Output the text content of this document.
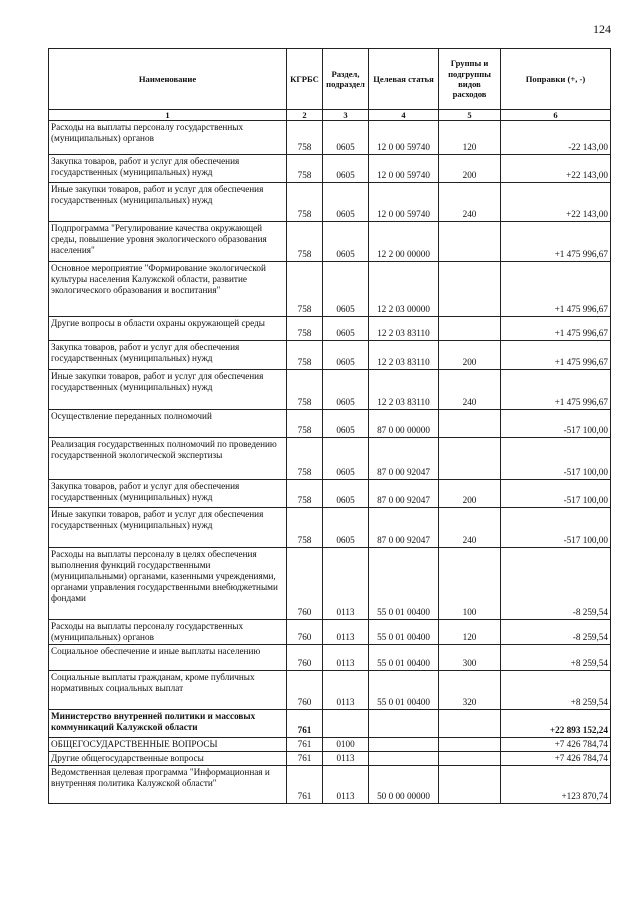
124
Наименование	КГРБС	Раздел, подраздел	Целевая статья	Группы и подгруппы видов расходов	Поправки (+, -)
1	2	3	4	5	6
Расходы на выплаты персоналу государственных (муниципальных) органов	758	0605	12 0 00 59740	120	-22 143,00
Закупка товаров, работ и услуг для обеспечения государственных (муниципальных) нужд	758	0605	12 0 00 59740	200	+22 143,00
Иные закупки товаров, работ и услуг для обеспечения государственных (муниципальных) нужд	758	0605	12 0 00 59740	240	+22 143,00
Подпрограмма "Регулирование качества окружающей среды, повышение уровня экологического образования населения"	758	0605	12 2 00 00000		+1 475 996,67
Основное мероприятие "Формирование экологической культуры населения Калужской области, развитие экологического образования и воспитания"	758	0605	12 2 03 00000		+1 475 996,67
Другие вопросы в области охраны окружающей среды	758	0605	12 2 03 83110		+1 475 996,67
Закупка товаров, работ и услуг для обеспечения государственных (муниципальных) нужд	758	0605	12 2 03 83110	200	+1 475 996,67
Иные закупки товаров, работ и услуг для обеспечения государственных (муниципальных) нужд	758	0605	12 2 03 83110	240	+1 475 996,67
Осуществление переданных полномочий	758	0605	87 0 00 00000		-517 100,00
Реализация государственных полномочий по проведению государственной экологической экспертизы	758	0605	87 0 00 92047		-517 100,00
Закупка товаров, работ и услуг для обеспечения государственных (муниципальных) нужд	758	0605	87 0 00 92047	200	-517 100,00
Иные закупки товаров, работ и услуг для обеспечения государственных (муниципальных) нужд	758	0605	87 0 00 92047	240	-517 100,00
Расходы на выплаты персоналу в целях обеспечения выполнения функций государственными (муниципальными) органами, казенными учреждениями, органами управления государственными внебюджетными фондами	760	0113	55 0 01 00400	100	-8 259,54
Расходы на выплаты персоналу государственных (муниципальных) органов	760	0113	55 0 01 00400	120	-8 259,54
Социальное обеспечение и иные выплаты населению	760	0113	55 0 01 00400	300	+8 259,54
Социальные выплаты гражданам, кроме публичных нормативных социальных выплат	760	0113	55 0 01 00400	320	+8 259,54
Министерство внутренней политики и массовых коммуникаций Калужской области	761				+22 893 152,24
ОБЩЕГОСУДАРСТВЕННЫЕ ВОПРОСЫ	761	0100			+7 426 784,74
Другие общегосударственные вопросы	761	0113			+7 426 784,74
Ведомственная целевая программа "Информационная и внутренняя политика Калужской области"	761	0113	50 0 00 00000		+123 870,74
